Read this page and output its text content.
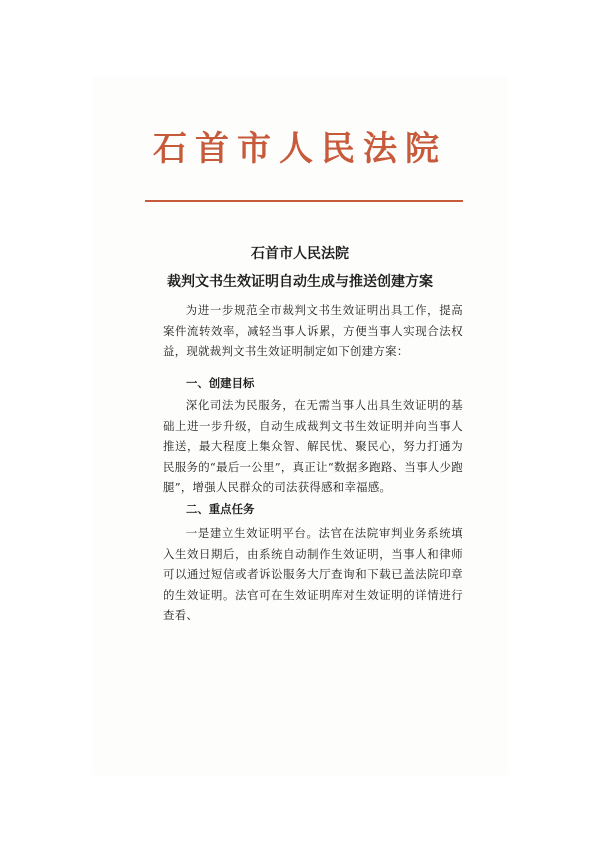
石首市人民法院
石首市人民法院
裁判文书生效证明自动生成与推送创建方案

为进一步规范全市裁判文书生效证明出具工作，提高案件流转效率，减轻当事人诉累，方便当事人实现合法权益，现就裁判文书生效证明制定如下创建方案：

一、创建目标

深化司法为民服务，在无需当事人出具生效证明的基础上进一步升级，自动生成裁判文书生效证明并向当事人推送，最大程度上集众智、解民忧、聚民心，努力打通为民服务的“最后一公里”，真正让“数据多跑路、当事人少跑腿”，增强人民群众的司法获得感和幸福感。

二、重点任务

一是建立生效证明平台。法官在法院审判业务系统填入生效日期后，由系统自动制作生效证明，当事人和律师可以通过短信或者诉讼服务大厅查询和下载已盖法院印章的生效证明。法官可在生效证明库对生效证明的详情进行查看、
